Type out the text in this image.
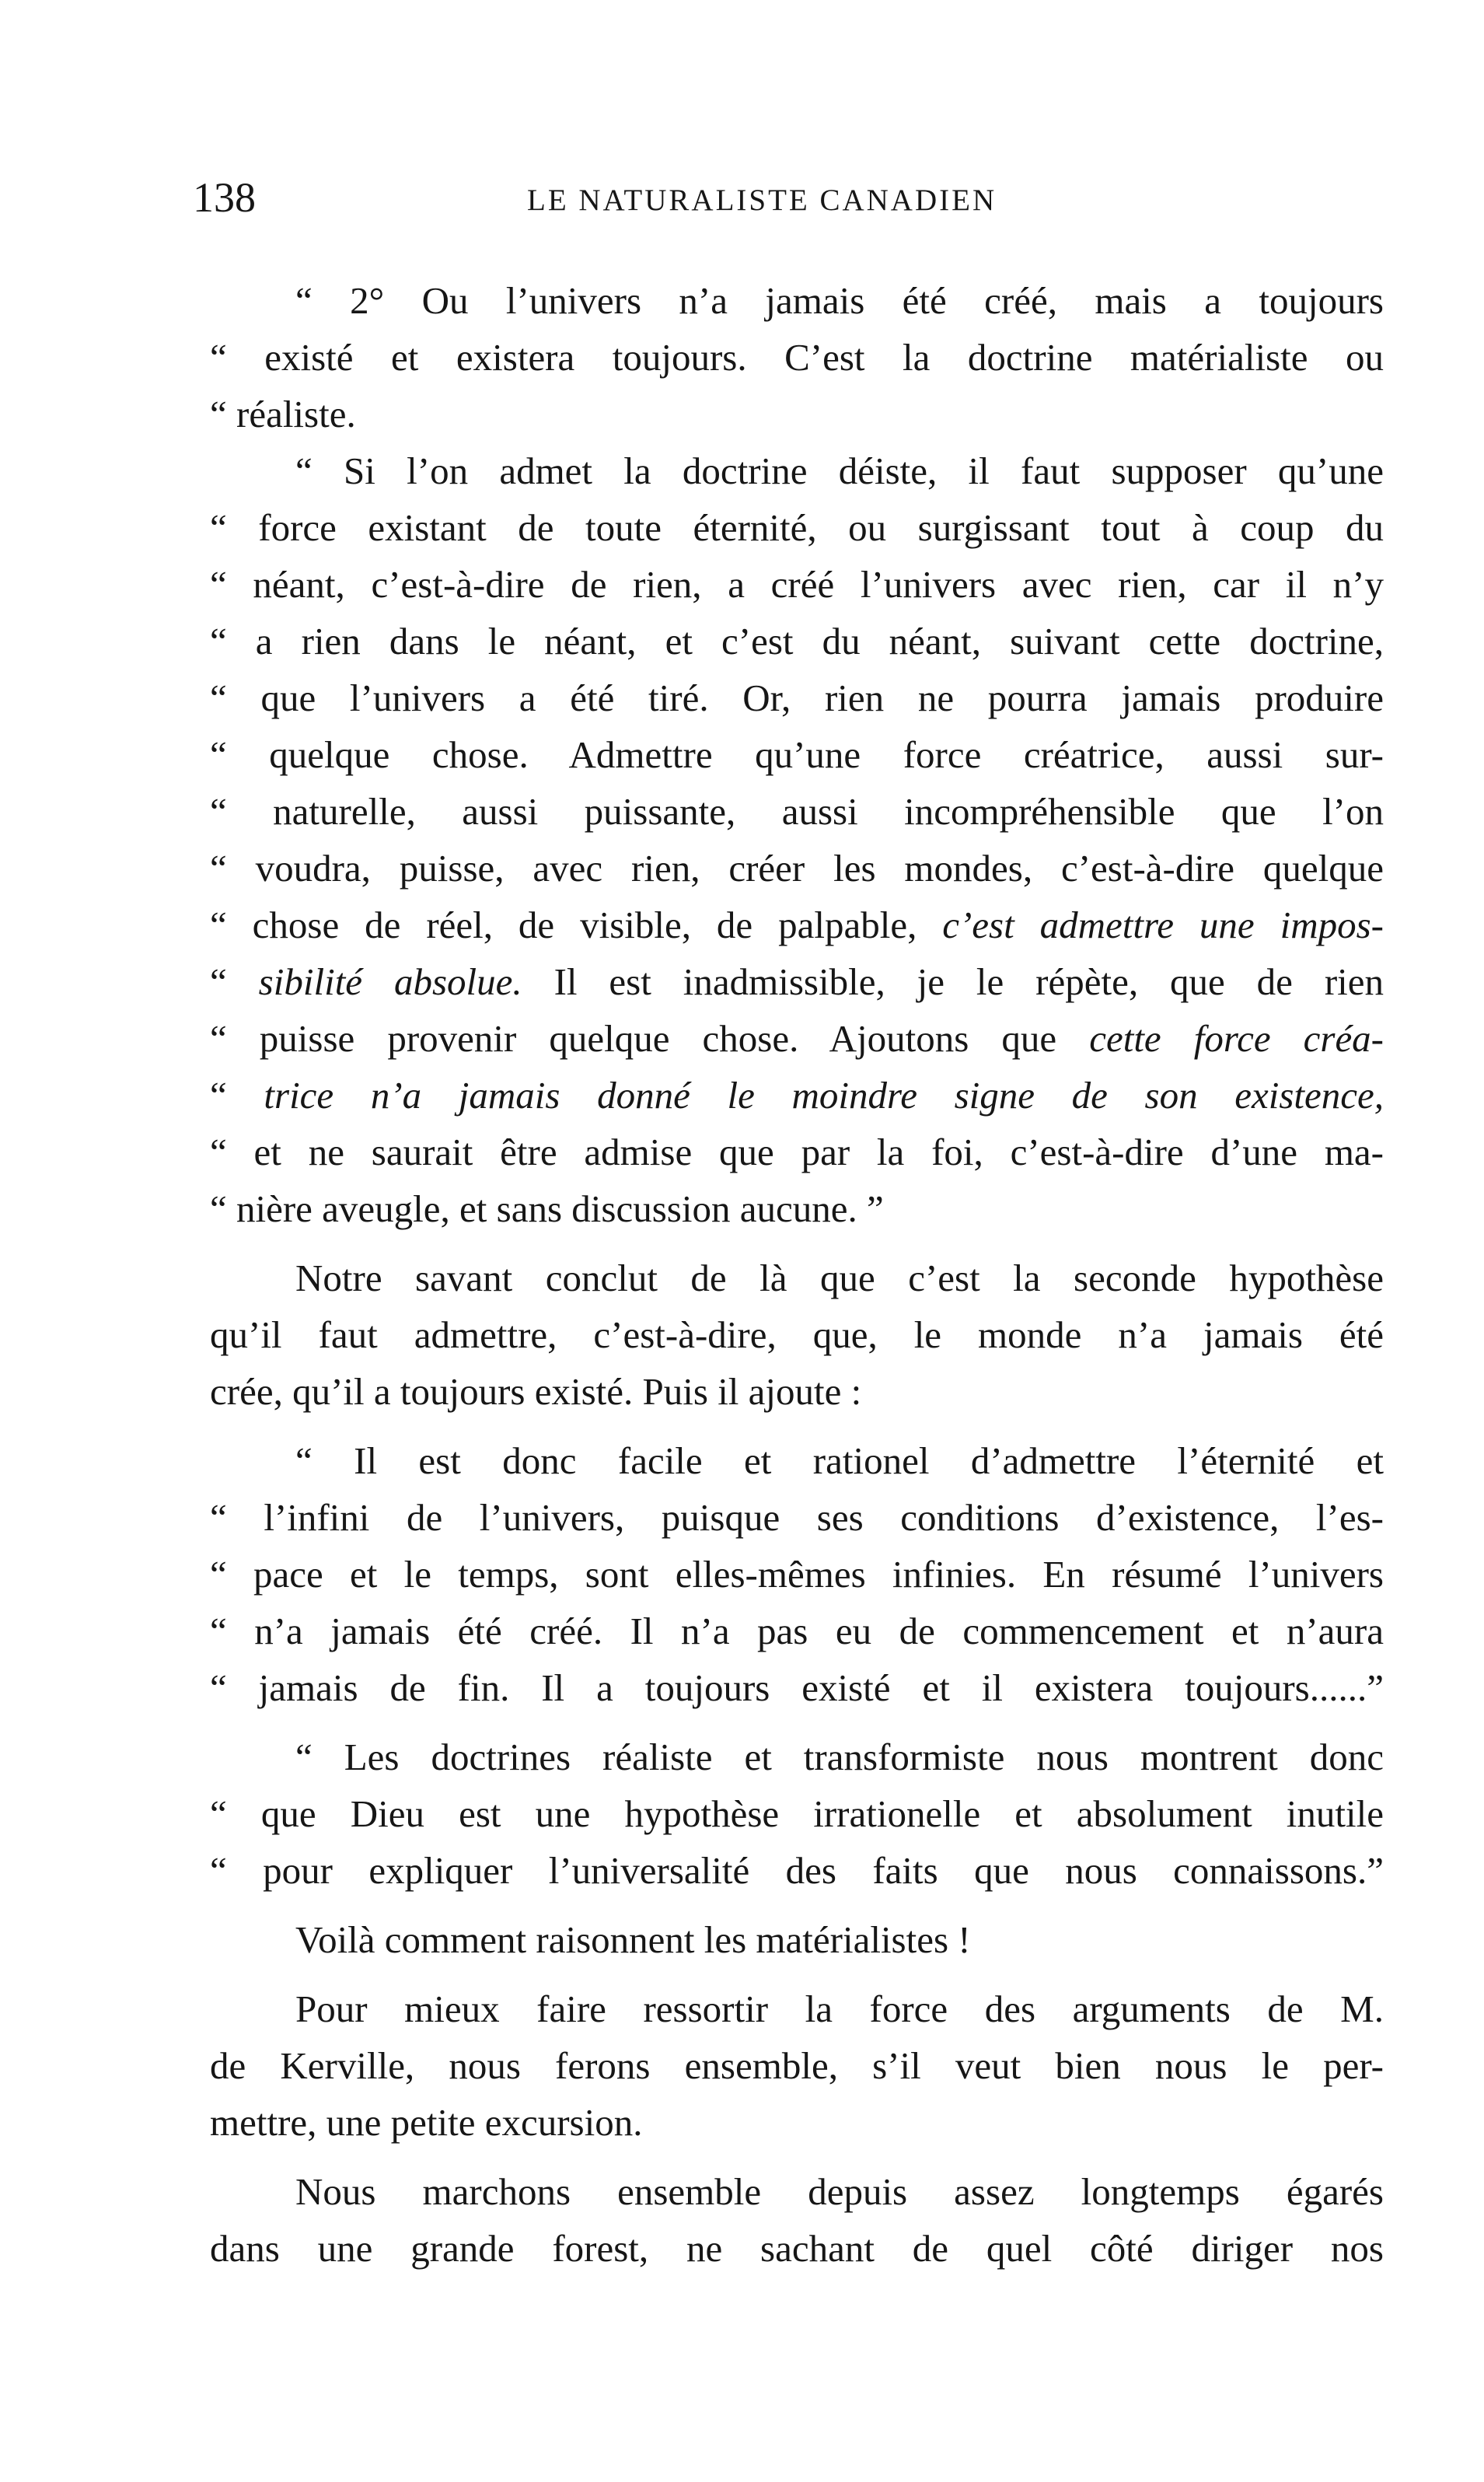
138	LE NATURALISTE CANADIEN
“ 2° Ou l’univers n’a jamais été créé, mais a toujours
“ existé et existera toujours. C’est la doctrine matérialiste ou
“ réaliste.
“ Si l’on admet la doctrine déiste, il faut supposer qu’une
“ force existant de toute éternité, ou surgissant tout à coup du
“ néant, c’est-à-dire de rien, a créé l’univers avec rien, car il n’y
“ a rien dans le néant, et c’est du néant, suivant cette doctrine,
“ que l’univers a été tiré. Or, rien ne pourra jamais produire
“ quelque chose. Admettre qu’une force créatrice, aussi sur-
“ naturelle, aussi puissante, aussi incompréhensible que l’on
“ voudra, puisse, avec rien, créer les mondes, c’est-à-dire quelque
“ chose de réel, de visible, de palpable, c’est admettre une impos-
“ sibilité absolue. Il est inadmissible, je le répète, que de rien
“ puisse provenir quelque chose. Ajoutons que cette force créa-
“ trice n’a jamais donné le moindre signe de son existence,
“ et ne saurait être admise que par la foi, c’est-à-dire d’une ma-
“ nière aveugle, et sans discussion aucune. ”
Notre savant conclut de là que c’est la seconde hypothèse
qu’il faut admettre, c’est-à-dire, que, le monde n’a jamais été
crée, qu’il a toujours existé. Puis il ajoute :
“ Il est donc facile et rationel d’admettre l’éternité et
“ l’infini de l’univers, puisque ses conditions d’existence, l’es-
“ pace et le temps, sont elles-mêmes infinies. En résumé l’univers
“ n’a jamais été créé. Il n’a pas eu de commencement et n’aura
“ jamais de fin. Il a toujours existé et il existera toujours......”
“ Les doctrines réaliste et transformiste nous montrent donc
“ que Dieu est une hypothèse irrationelle et absolument inutile
“ pour expliquer l’universalité des faits que nous connaissons.”
Voilà comment raisonnent les matérialistes !
Pour mieux faire ressortir la force des arguments de M.
de Kerville, nous ferons ensemble, s’il veut bien nous le per-
mettre, une petite excursion.
Nous marchons ensemble depuis assez longtemps égarés
dans une grande forest, ne sachant de quel côté diriger nos
